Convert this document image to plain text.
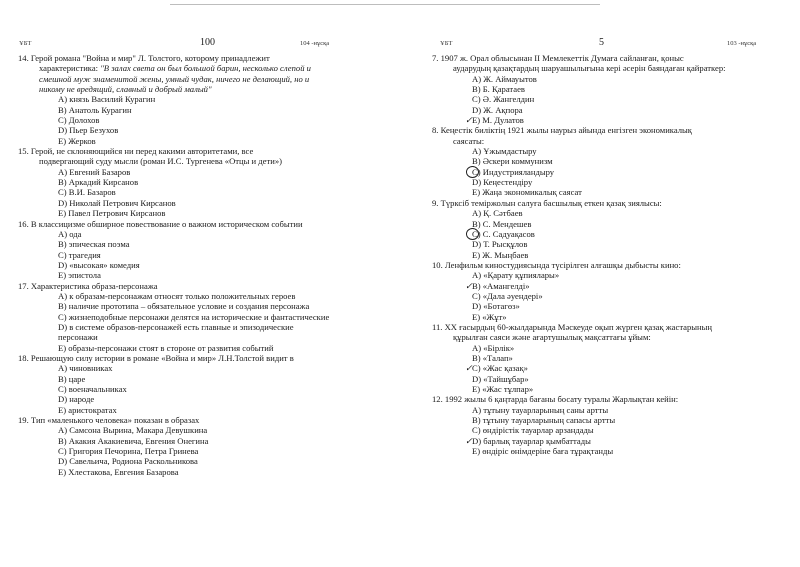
ҰБТ	100	104 -нұсқа	ҰБТ	5	103 -нұсқа
14. Герой романа "Война и мир" Л. Толстого, которому принадлежит
характеристика: "В залах света он был большой барин, несколько слепой и
смешной муж знаменитой жены, умный чудак, ничего не делающий, но и
никому не вредящий, славный и добрый малый"
A) князь Василий Курагин
B) Анатоль Курагин
C) Долохов
D) Пьер Безухов
E) Жерков
15. Герой, не склоняющийся ни перед какими авторитетами, все
подвергающий суду мысли (роман И.С. Тургенева «Отцы и дети»)
A) Евгений Базаров
B) Аркадий Кирсанов
C) В.И. Базаров
D) Николай Петрович Кирсанов
E) Павел Петрович Кирсанов
16. В классицизме обширное повествование о важном историческом событии
A) ода
B) эпическая поэма
C) трагедия
D) «высокая» комедия
E) эпистола
17. Характеристика образа-персонажа
A) к образам-персонажам относят только положительных героев
B) наличие прототипа – обязательное условие и создания персонажа
C) жизнеподобные персонажи делятся на исторические и фантастические
D) в системе образов-персонажей есть главные и эпизодические
персонажи
E) образы-персонажи стоят в стороне от развития событий
18. Решающую силу истории в романе «Война и мир» Л.Н.Толстой видит в
A) чиновниках
B) царе
C) военачальниках
D) народе
E) аристократах
19. Тип «маленького человека» показан в образах
A) Самсона Вырина, Макара Девушкина
B) Акакия Акакиевича, Евгения Онегина
C) Григория Печорина, Петра Гринева
D) Савельича, Родиона Раскольникова
E) Хлестакова, Евгения Базарова
7. 1907 ж. Орал облысынан ІІ Мемлекеттік Думаға сайланған, қоныс
аударудың қазақтардың шаруашылығына кері әсерін баяндаған қайраткер:
A) Ж. Аймауытов
B) Б. Қаратаев
C) Ә. Жангелдин
D) Ж. Ақпора
✓ E) М. Дулатов
8. Кеңестік биліктің 1921 жылы наурыз айында енгізген экономикалық
саясаты:
A) Ұжымдастыру
B) Әскери коммунизм
C) Индустрияландыру
D) Кеңестендіру
E) Жаңа экономикалық саясат
9. Түрксіб теміржолын салуға басшылық еткен қазақ зиялысы:
A) Қ. Сәтбаев
B) С. Мендешев
C) С. Садуақасов
D) Т. Рысқұлов
E) Ж. Мыңбаев
10. Ленфильм киностудиясында түсірілген алғашқы дыбысты кино:
A) «Қарату құпиялары»
✓ B) «Амангелді»
C) «Дала әуендері»
D) «Ботагөз»
E) «Жұт»
11. XX ғасырдың 60-жылдарында Мәскеуде оқып жүрген қазақ жастарының
құрылған саяси және ағартушылық мақсаттағы ұйым:
A) «Бірлік»
B) «Талап»
✓ C) «Жас қазақ»
D) «Тайшұбар»
E) «Жас тұлпар»
12. 1992 жылы 6 қаңтарда бағаны босату туралы Жарлықтан кейін:
A) тұтыну тауарларының саны артты
B) тұтыну тауарларының сапасы артты
C) өндірістік тауарлар арзандады
✓ D) барлық тауарлар қымбаттады
E) өндіріс өнімдеріне баға тұрақтанды
